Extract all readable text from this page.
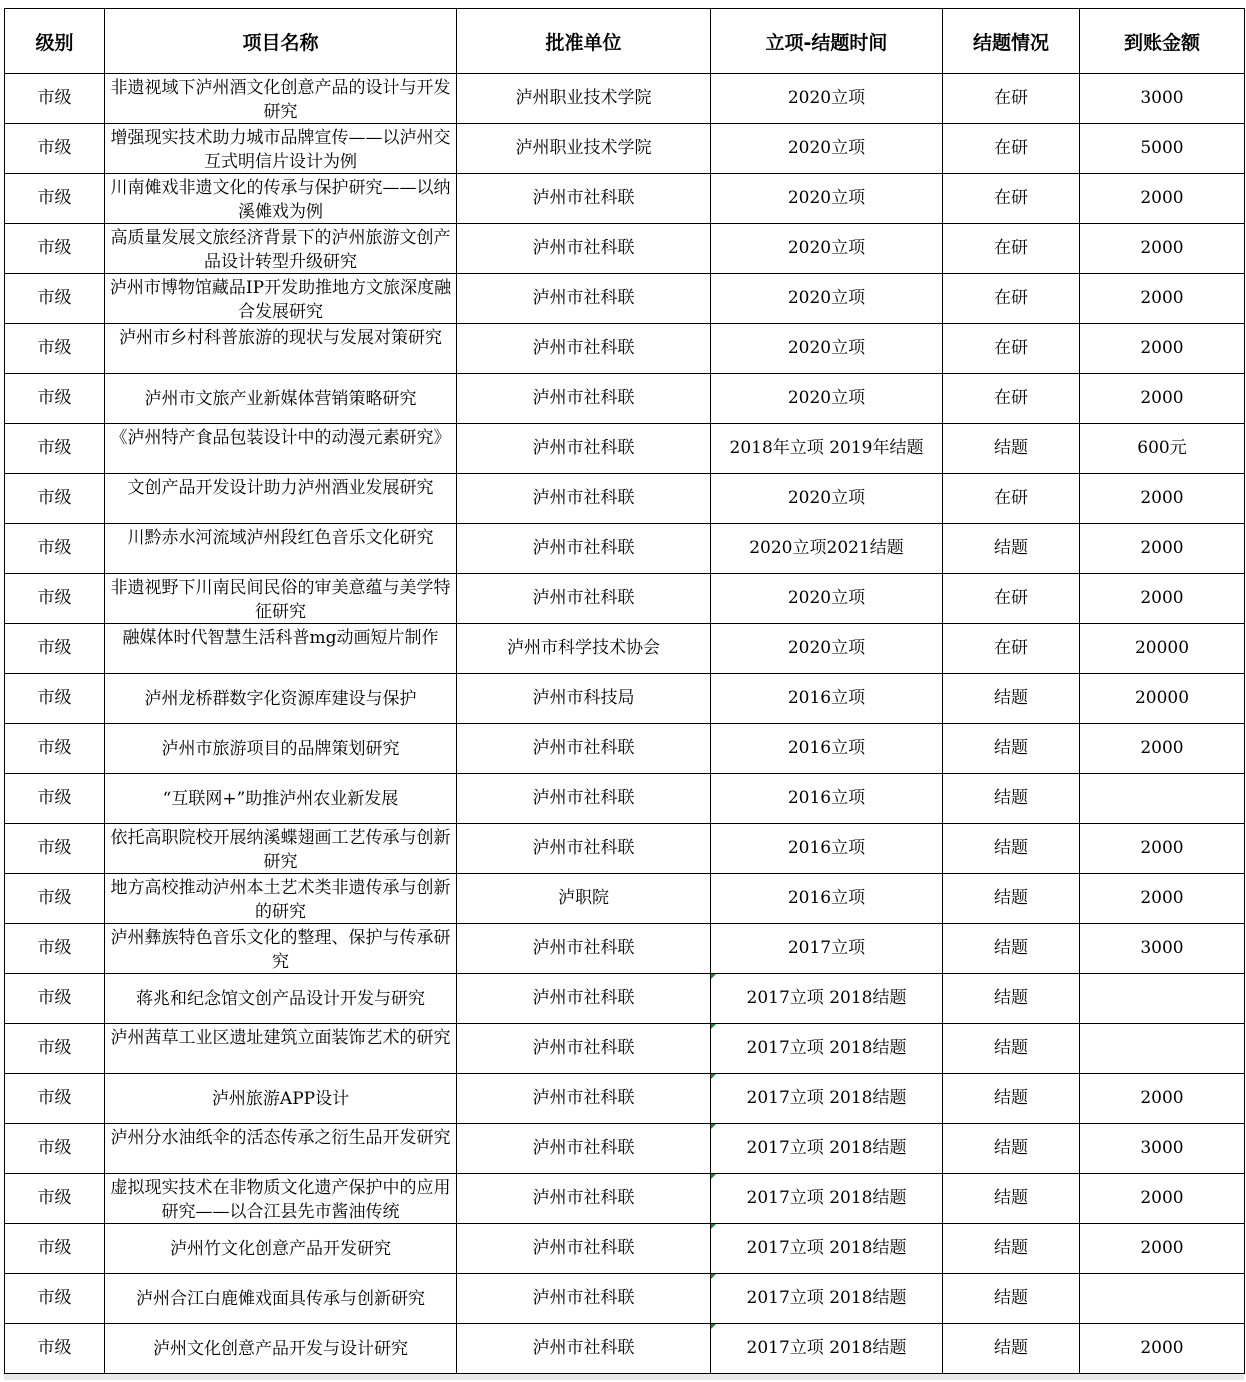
级别	项目名称	批准单位	立项-结题时间	结题情况	到账金额
市级	非遗视域下泸州酒文化创意产品的设计与开发研究	泸州职业技术学院	2020立项	在研	3000
市级	增强现实技术助力城市品牌宣传——以泸州交互式明信片设计为例	泸州职业技术学院	2020立项	在研	5000
市级	川南傩戏非遗文化的传承与保护研究——以纳溪傩戏为例	泸州市社科联	2020立项	在研	2000
市级	高质量发展文旅经济背景下的泸州旅游文创产品设计转型升级研究	泸州市社科联	2020立项	在研	2000
市级	泸州市博物馆藏品IP开发助推地方文旅深度融合发展研究	泸州市社科联	2020立项	在研	2000
市级	泸州市乡村科普旅游的现状与发展对策研究	泸州市社科联	2020立项	在研	2000
市级	泸州市文旅产业新媒体营销策略研究	泸州市社科联	2020立项	在研	2000
市级	《泸州特产食品包装设计中的动漫元素研究》	泸州市社科联	2018年立项 2019年结题	结题	600元
市级	文创产品开发设计助力泸州酒业发展研究	泸州市社科联	2020立项	在研	2000
市级	川黔赤水河流域泸州段红色音乐文化研究	泸州市社科联	2020立项2021结题	结题	2000
市级	非遗视野下川南民间民俗的审美意蕴与美学特征研究	泸州市社科联	2020立项	在研	2000
市级	融媒体时代智慧生活科普mg动画短片制作	泸州市科学技术协会	2020立项	在研	20000
市级	泸州龙桥群数字化资源库建设与保护	泸州市科技局	2016立项	结题	20000
市级	泸州市旅游项目的品牌策划研究	泸州市社科联	2016立项	结题	2000
市级	“互联网+”助推泸州农业新发展	泸州市社科联	2016立项	结题	
市级	依托高职院校开展纳溪蝶翅画工艺传承与创新研究	泸州市社科联	2016立项	结题	2000
市级	地方高校推动泸州本土艺术类非遗传承与创新的研究	泸职院	2016立项	结题	2000
市级	泸州彝族特色音乐文化的整理、保护与传承研究	泸州市社科联	2017立项	结题	3000
市级	蒋兆和纪念馆文创产品设计开发与研究	泸州市社科联	2017立项 2018结题	结题	
市级	泸州茜草工业区遗址建筑立面装饰艺术的研究	泸州市社科联	2017立项 2018结题	结题	
市级	泸州旅游APP设计	泸州市社科联	2017立项 2018结题	结题	2000
市级	泸州分水油纸伞的活态传承之衍生品开发研究	泸州市社科联	2017立项 2018结题	结题	3000
市级	虚拟现实技术在非物质文化遗产保护中的应用研究——以合江县先市酱油传统	泸州市社科联	2017立项 2018结题	结题	2000
市级	泸州竹文化创意产品开发研究	泸州市社科联	2017立项 2018结题	结题	2000
市级	泸州合江白鹿傩戏面具传承与创新研究	泸州市社科联	2017立项 2018结题	结题	
市级	泸州文化创意产品开发与设计研究	泸州市社科联	2017立项 2018结题	结题	2000
